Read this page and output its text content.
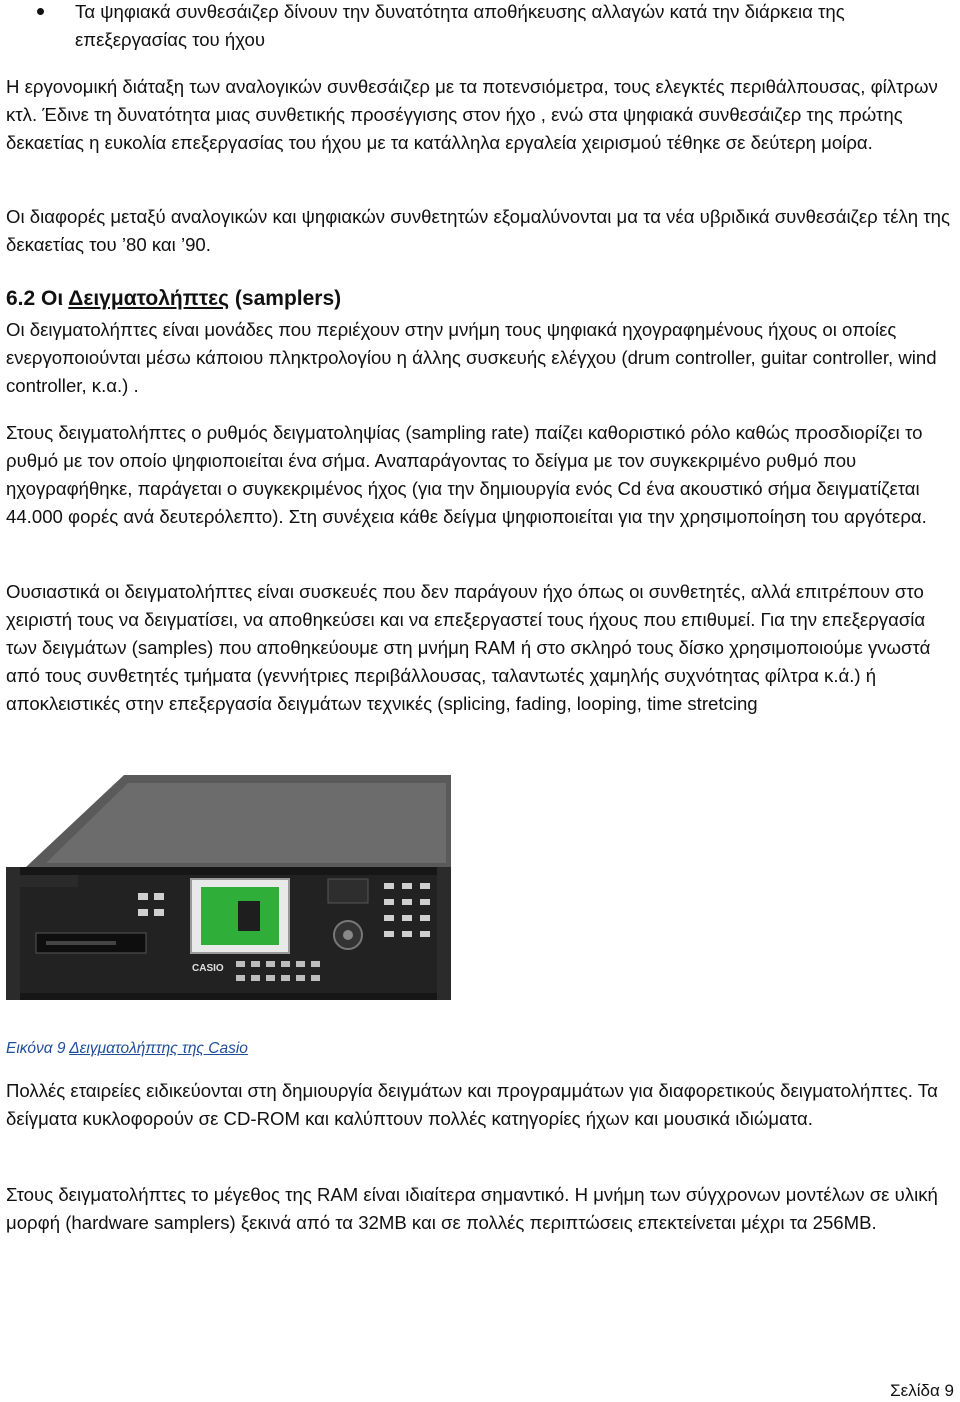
Τα ψηφιακά συνθεσάιζερ δίνουν την δυνατότητα αποθήκευσης αλλαγών κατά την διάρκεια της επεξεργασίας του ήχου

Η εργονομική διάταξη των αναλογικών συνθεσάιζερ με τα ποτενσιόμετρα, τους ελεγκτές περιθάλπουσας, φίλτρων κτλ. Έδινε τη δυνατότητα μιας συνθετικής προσέγγισης στον ήχο , ενώ στα ψηφιακά συνθεσάιζερ της πρώτης δεκαετίας η ευκολία επεξεργασίας του ήχου με τα κατάλληλα εργαλεία χειρισμού τέθηκε σε δεύτερη μοίρα.

Οι διαφορές μεταξύ αναλογικών και ψηφιακών συνθετητών εξομαλύνονται μα τα νέα υβριδικά συνθεσάιζερ τέλη της δεκαετίας του ’80 και ’90.

6.2 Οι Δειγματολήπτες (samplers)

Οι δειγματολήπτες είναι μονάδες που περιέχουν στην μνήμη τους ψηφιακά ηχογραφημένους ήχους οι οποίες ενεργοποιούνται μέσω κάποιου πληκτρολογίου η άλλης συσκευής ελέγχου (drum controller, guitar controller, wind controller, κ.α.) .

Στους δειγματολήπτες ο ρυθμός δειγματοληψίας (sampling rate) παίζει καθοριστικό ρόλο καθώς προσδιορίζει το ρυθμό με τον οποίο ψηφιοποιείται ένα σήμα. Αναπαράγοντας το δείγμα με τον συγκεκριμένο ρυθμό που ηχογραφήθηκε, παράγεται ο συγκεκριμένος ήχος (για την δημιουργία ενός Cd ένα ακουστικό σήμα δειγματίζεται 44.000 φορές ανά δευτερόλεπτο). Στη συνέχεια κάθε δείγμα ψηφιοποιείται για την χρησιμοποίηση του αργότερα.

Ουσιαστικά οι δειγματολήπτες είναι συσκευές που δεν παράγουν ήχο όπως οι συνθετητές, αλλά επιτρέπουν στο χειριστή τους να δειγματίσει, να αποθηκεύσει και να επεξεργαστεί τους ήχους που επιθυμεί. Για την επεξεργασία των δειγμάτων (samples) που αποθηκεύουμε στη μνήμη RAM ή στο σκληρό τους δίσκο χρησιμοποιούμε γνωστά από τους συνθετητές τμήματα (γεννήτριες περιβάλλουσας, ταλαντωτές χαμηλής συχνότητας φίλτρα κ.ά.) ή αποκλειστικές στην επεξεργασία δειγμάτων τεχνικές (splicing, fading, looping, time stretcing

CASIO

Εικόνα 9 Δειγματολήπτης της Casio

Πολλές εταιρείες ειδικεύονται στη δημιουργία δειγμάτων και προγραμμάτων για διαφορετικούς δειγματολήπτες. Τα δείγματα κυκλοφορούν σε CD-ROM και καλύπτουν πολλές κατηγορίες ήχων και μουσικά ιδιώματα.

Στους δειγματολήπτες το μέγεθος της RAM είναι ιδιαίτερα σημαντικό. Η μνήμη των σύγχρονων μοντέλων σε υλική μορφή (hardware samplers) ξεκινά από τα 32MB και σε πολλές περιπτώσεις επεκτείνεται μέχρι τα 256MB.

Σελίδα 9
